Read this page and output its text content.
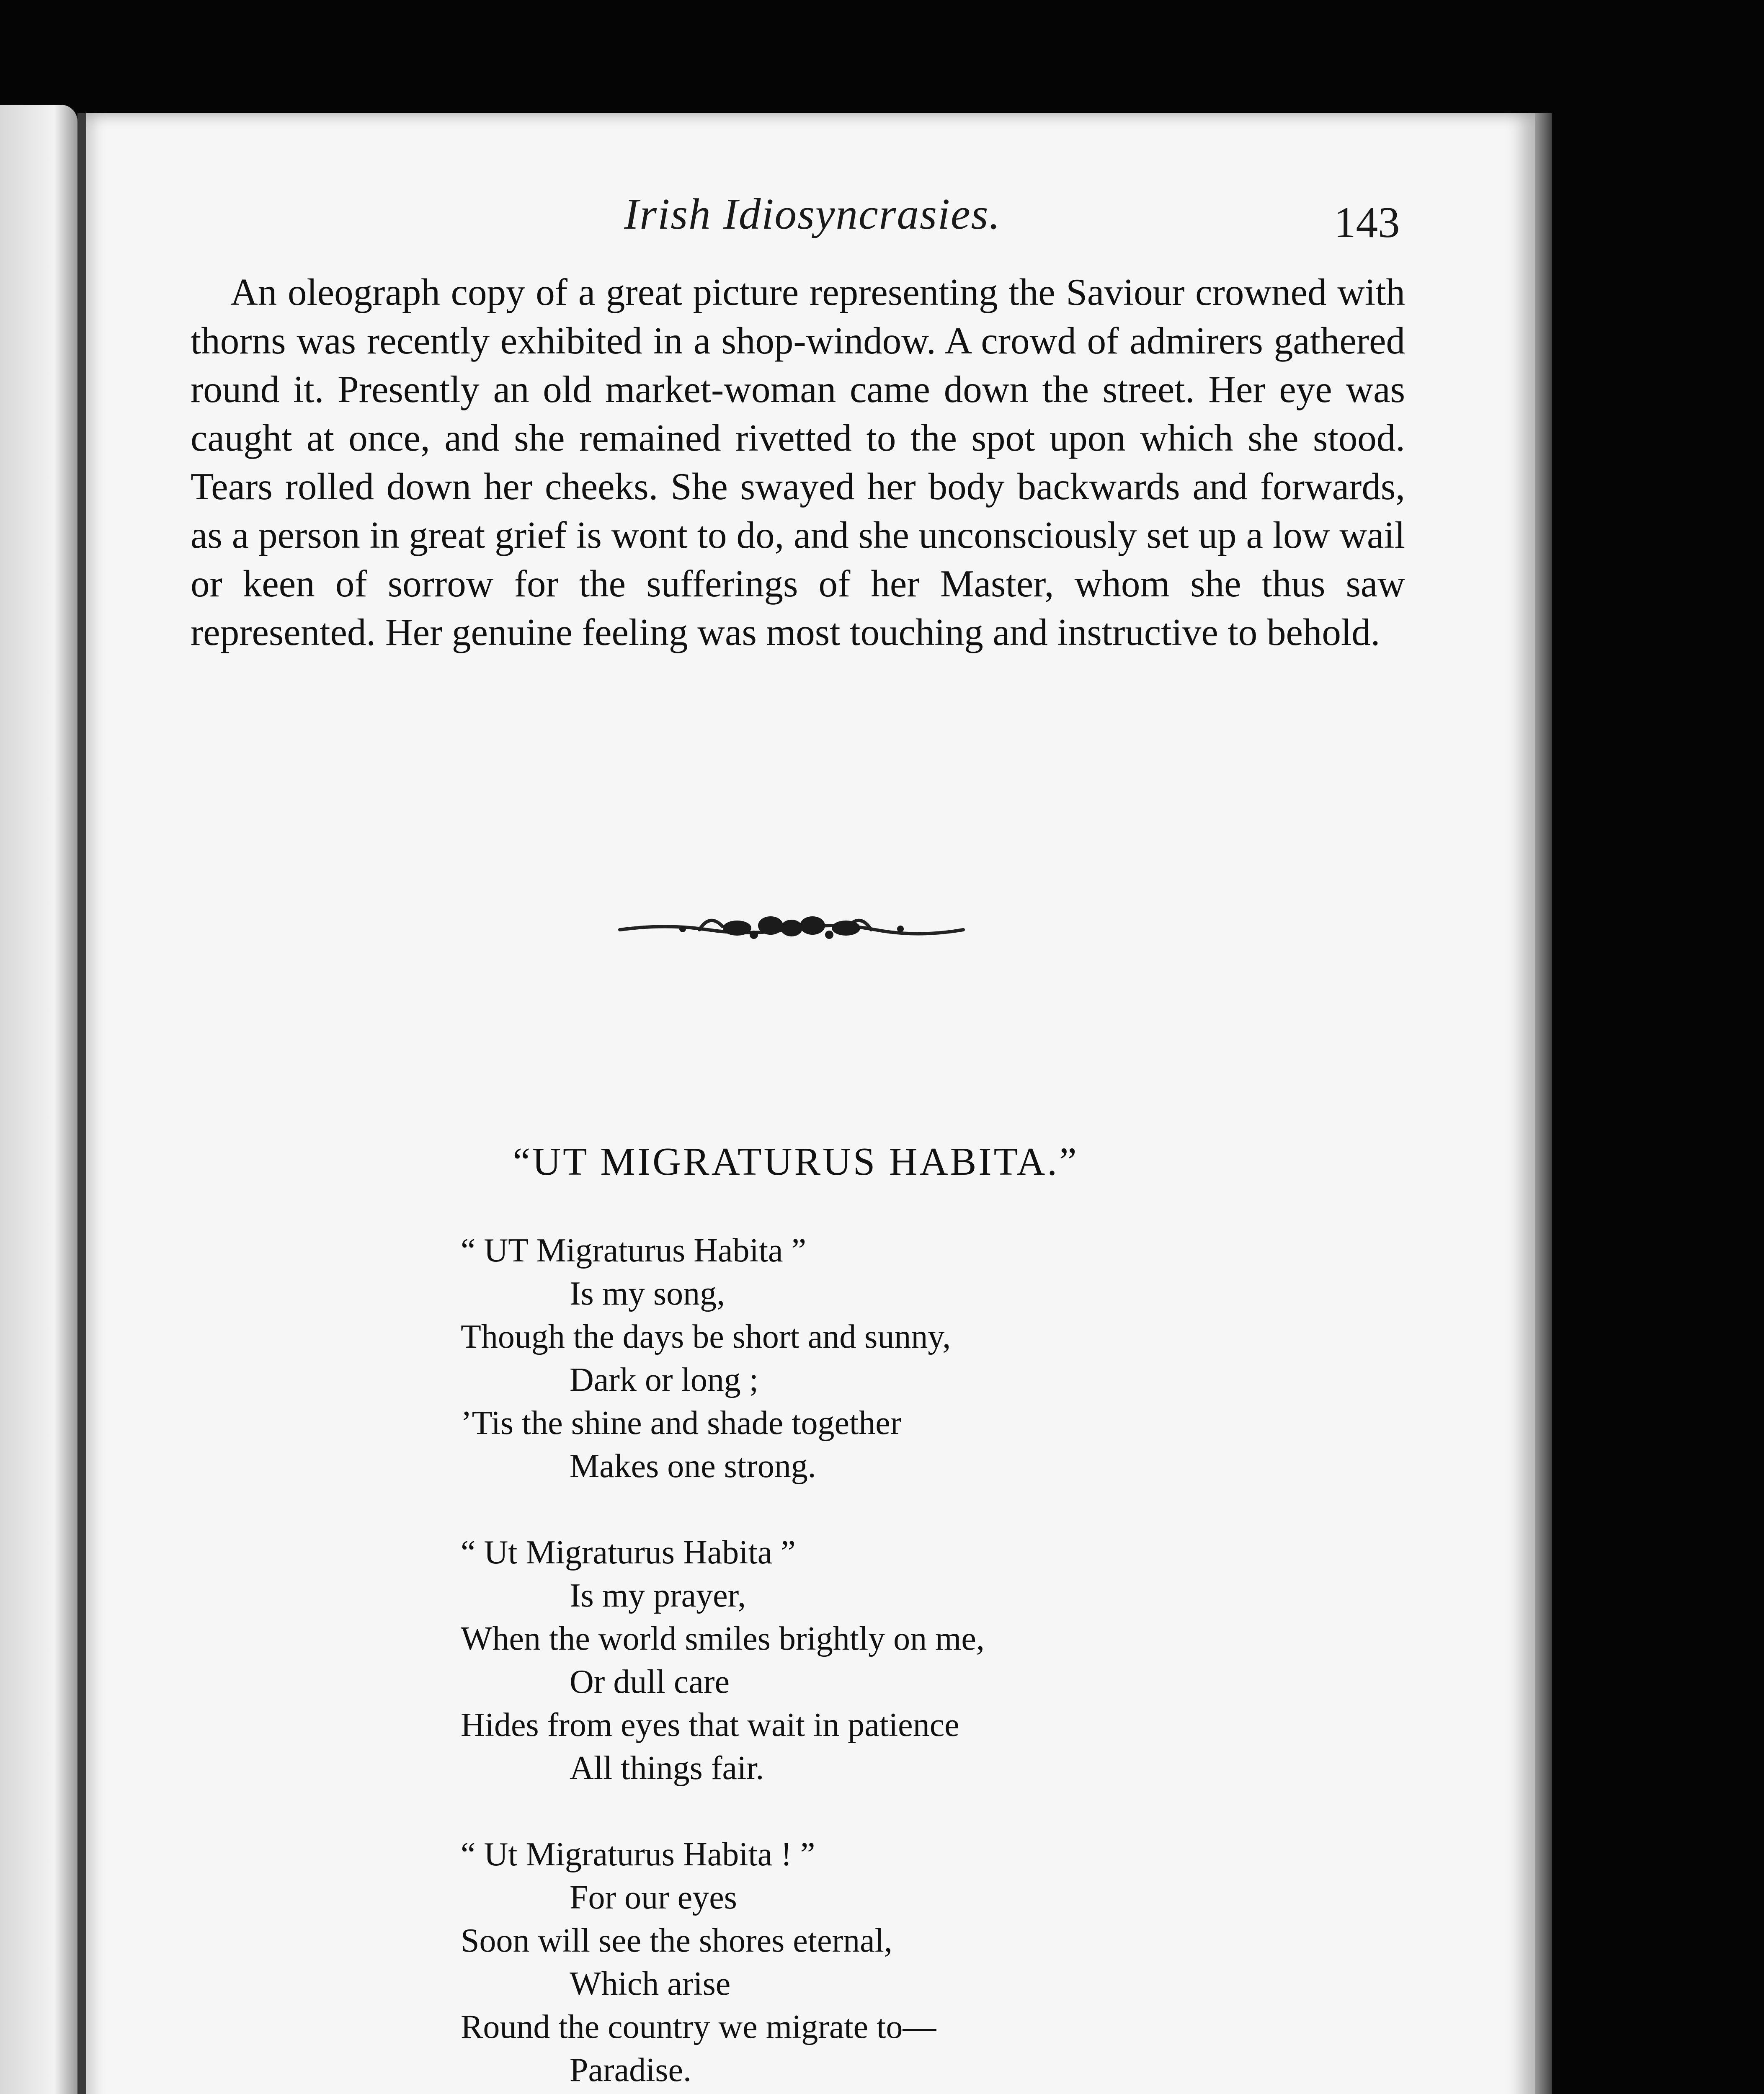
Irish Idiosyncrasies.	143

An oleograph copy of a great picture representing the Saviour crowned with thorns was recently exhibited in a shop-window. A crowd of admirers gathered round it. Presently an old market-woman came down the street. Her eye was caught at once, and she remained rivetted to the spot upon which she stood. Tears rolled down her cheeks. She swayed her body backwards and forwards, as a person in great grief is wont to do, and she unconsciously set up a low wail or keen of sorrow for the sufferings of her Master, whom she thus saw represented. Her genuine feeling was most touching and instructive to behold.

“UT MIGRATURUS HABITA.”
“ UT Migraturus Habita ”
Is my song,
Though the days be short and sunny,
Dark or long ;
’Tis the shine and shade together
Makes one strong.
“ Ut Migraturus Habita ”
Is my prayer,
When the world smiles brightly on me,
Or dull care
Hides from eyes that wait in patience
All things fair.
“ Ut Migraturus Habita ! ”
For our eyes
Soon will see the shores eternal,
Which arise
Round the country we migrate to—
Paradise.
